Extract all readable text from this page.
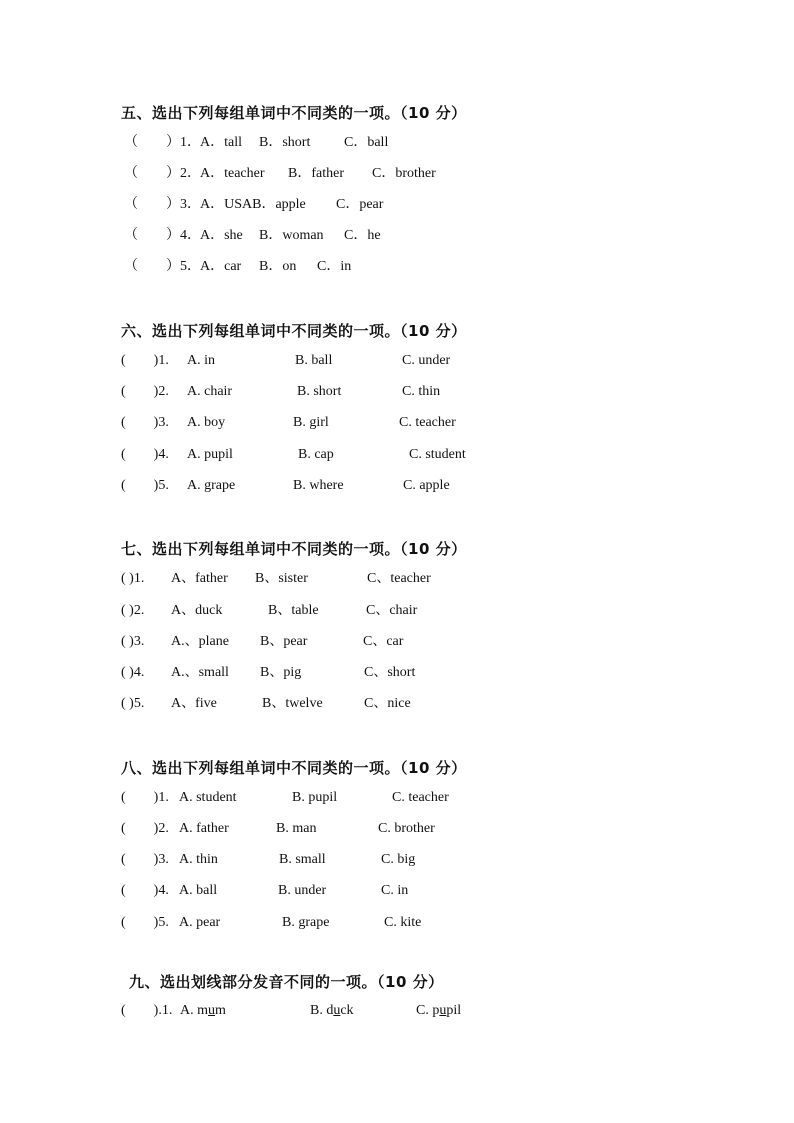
五、选出下列每组单词中不同类的一项。（10 分）
（　　）1． A．tall B．short C．ball
（　　）2． A．teacher B．father C．brother
（　　）3． A．USAB．apple C．pear
（　　）4． A．she B．woman C．he
（　　）5． A．car B．on C．in
六、选出下列每组单词中不同类的一项。（10 分）
(　　)1. A. in	B. ball	C. under
(　　)2. A. chair	B. short	C. thin
(　　)3. A. boy	B. girl	C. teacher
(　　)4. A. pupil	B. cap	C. student
(　　)5. A. grape	B. where	C. apple
七、选出下列每组单词中不同类的一项。（10 分）
( )1. A、father B、sister	C、teacher
( )2. A、duck	B、table	C、chair
( )3. A.、plane B、pear	C、car
( )4. A.、small B、pig	C、short
( )5. A、five	B、twelve	C、nice
八、选出下列每组单词中不同类的一项。（10 分）
(　　)1. A. student	B. pupil	C. teacher
(　　)2. A. father	B. man	C. brother
(　　)3. A. thin	B. small	C. big
(　　)4. A. ball	B. under	C. in
(　　)5. A. pear	B. grape	C. kite
九、选出划线部分发音不同的一项。（10 分）
(　　).1. A. mum	B. duck	C. pupil
